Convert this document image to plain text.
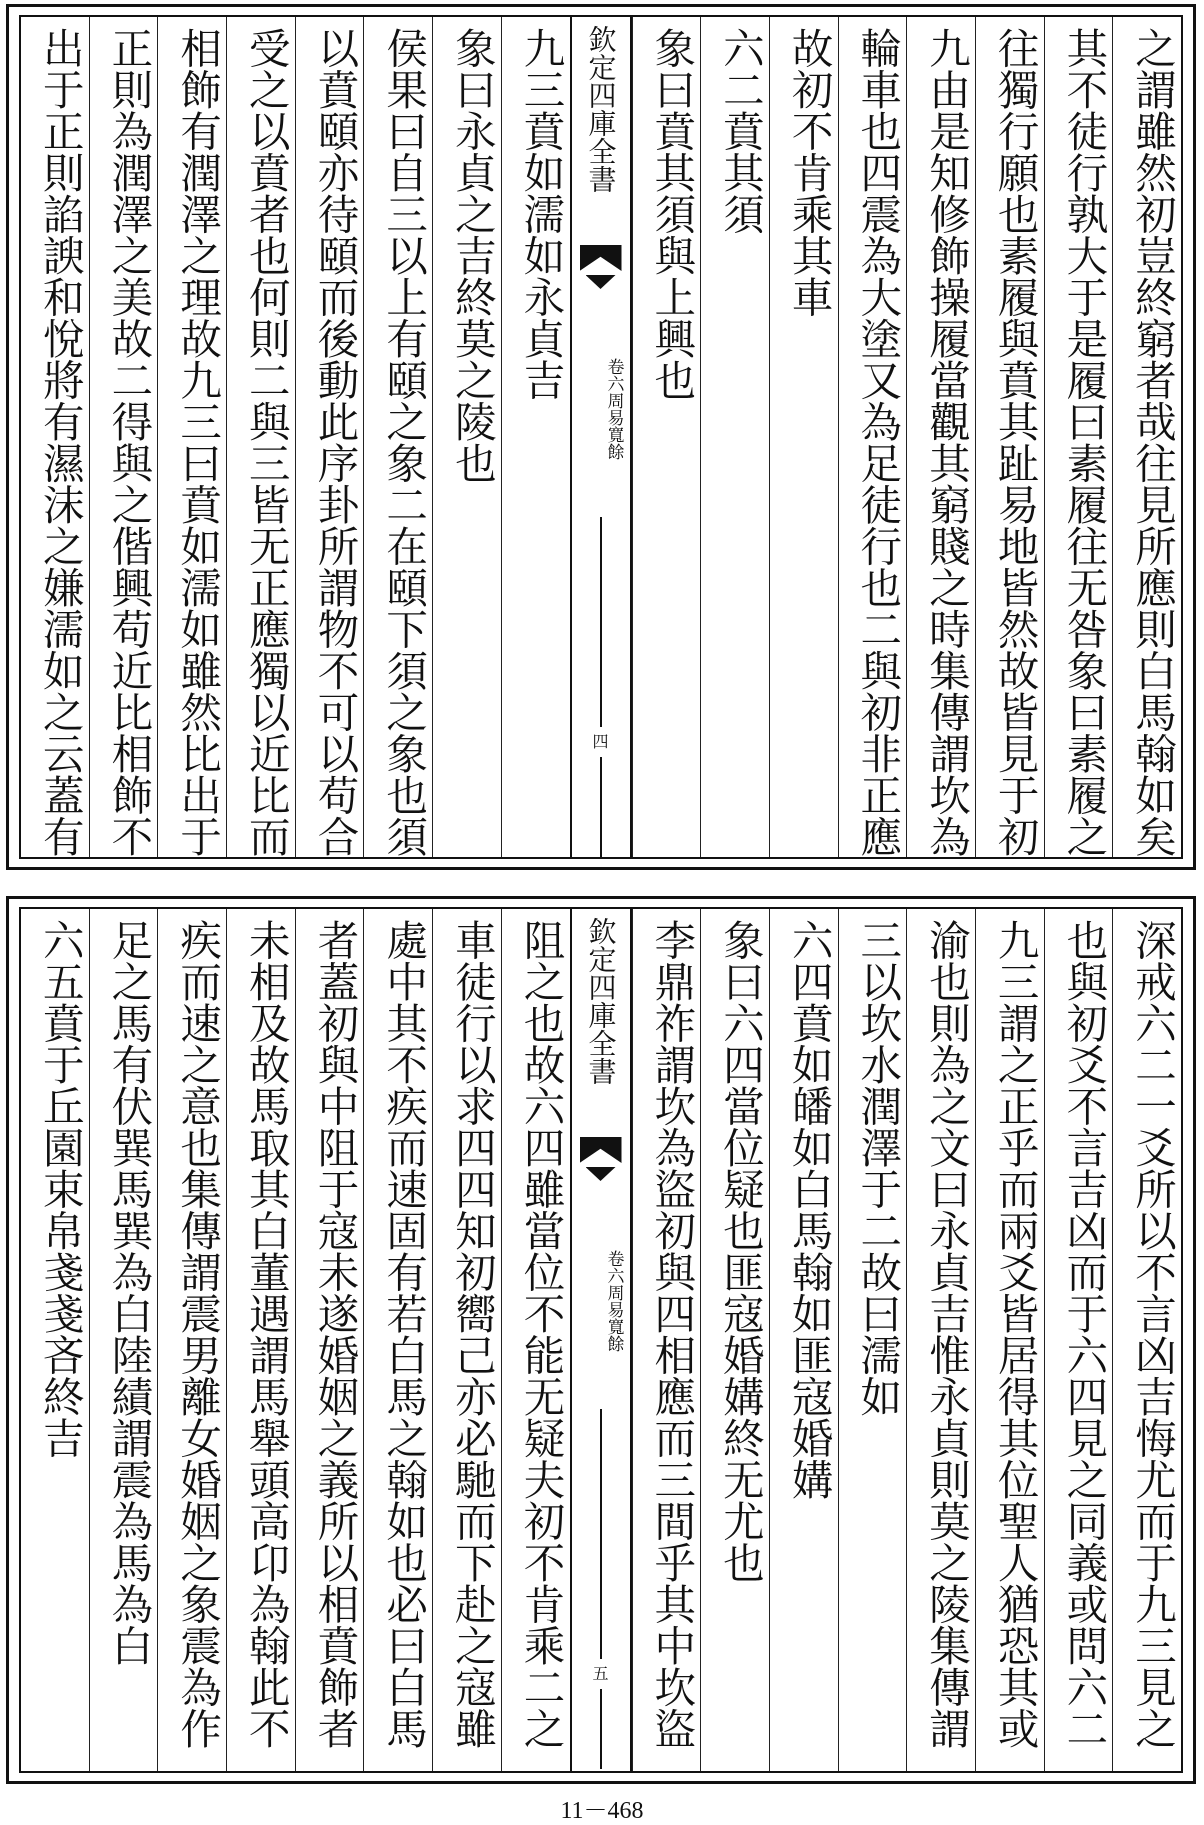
之謂雖然初豈終窮者哉往見所應則白馬翰如矣
其不徒行孰大于是履曰素履往无咎象曰素履之
往獨行願也素履與賁其趾易地皆然故皆見于初
九由是知修飾操履當觀其窮賤之時集傳謂坎為
輪車也四震為大塗又為足徒行也二與初非正應
故初不肯乘其車
六二賁其須
象曰賁其須與上興也
欽定四庫全書
周易寬餘
卷六
四
九三賁如濡如永貞吉
象曰永貞之吉終莫之陵也
侯果曰自三以上有頤之象二在頤下須之象也須
以賁頤亦待頤而後動此序卦所謂物不可以苟合
受之以賁者也何則二與三皆无正應獨以近比而
相飾有潤澤之理故九三曰賁如濡如雖然比出于
正則為潤澤之美故二得與之偕興苟近比相飾不
出于正則諂諛和悅將有濕沫之嫌濡如之云蓋有
深戒六二一爻所以不言凶吉悔尤而于九三見之
也與初爻不言吉凶而于六四見之同義或問六二
九三謂之正乎而兩爻皆居得其位聖人猶恐其或
渝也則為之文曰永貞吉惟永貞則莫之陵集傳謂
三以坎水潤澤于二故曰濡如
六四賁如皤如白馬翰如匪寇婚媾
象曰六四當位疑也匪寇婚媾終无尤也
李鼎祚謂坎為盜初與四相應而三間乎其中坎盜
欽定四庫全書
周易寬餘
卷六
五
阻之也故六四雖當位不能无疑夫初不肯乘二之
車徒行以求四四知初嚮己亦必馳而下赴之寇雖
處中其不疾而速固有若白馬之翰如也必曰白馬
者蓋初與中阻于寇未遂婚姻之義所以相賁飾者
未相及故馬取其白董遇謂馬舉頭高卬為翰此不
疾而速之意也集傳謂震男離女婚姻之象震為作
足之馬有伏巽馬巽為白陸績謂震為馬為白
六五賁于丘園束帛戔戔吝終吉
11－468
